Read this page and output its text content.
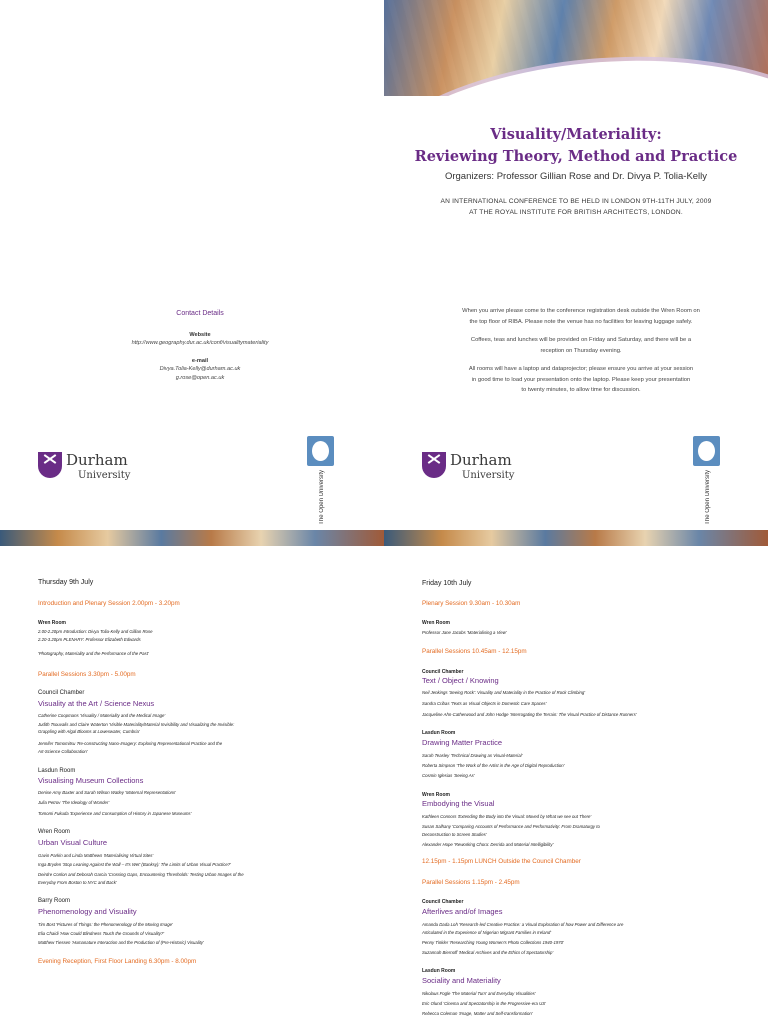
Visuality/Materiality:
Reviewing Theory, Method and Practice
Organizers: Professor Gillian Rose and Dr. Divya P. Tolia-Kelly
AN INTERNATIONAL CONFERENCE TO BE HELD IN LONDON 9TH-11TH JULY, 2009
AT THE ROYAL INSTITUTE FOR BRITISH ARCHITECTS, LONDON.

When you arrive please come to the conference registration desk outside the Wren Room on
the top floor of RIBA. Please note the venue has no facilities for leaving luggage safely.

Coffees, teas and lunches will be provided on Friday and Saturday, and there will be a
reception on Thursday evening.

All rooms will have a laptop and dataprojector; please ensure you arrive at your session
in good time to load your presentation onto the laptop. Please keep your presentation
to twenty minutes, to allow time for discussion.

Contact Details
Website
http://www.geography.dur.ac.uk/conf/visualitymateriality
e-mail
Divya.Tolia-Kelly@durham.ac.uk
g.rose@open.ac.uk
Durham
University	The Open University
Durham
University	The Open University
Thursday 9th July
Introduction and Plenary Session 2.00pm - 3.20pm
Wren Room
2.00-2.20pm Introduction: Divya Tolia-Kelly and Gillian Rose
2.20-3.20pm PLENARY: Professor Elizabeth Edwards
'Photography, Materiality and the Performance of the Past'
Parallel Sessions 3.30pm - 5.00pm
Council Chamber
Visuality at the Art / Science Nexus
Catherine Coopmans 'Visuality / Materiality and the Medical Image'
Judith Tsouvalis and Claire Waterton 'Visible Materiality/Material Invisibility and Visualizing the Invisible:
Grappling with Algal Blooms at Loweswater, Cumbria'
Jennifer Tomomitsu 'Re-constructing Nano-Imagery: Exploring Representational Practice and the
Art-Science Collaboration'
Lasdun Room
Visualising Museum Collections
Denise Amy Baxter and Sarah Wilson Watley 'Maternal Representations'
Julia Petrov 'The Ideology of Wonder'
Tomomi Fukuda 'Experience and Consumption of History in Japanese Museums'
Wren Room
Urban Visual Culture
Gavin Parkin and Linda Matthews 'Materialising Virtual Sites'
Inga Bryden 'Stop Leaning Against the Wall – It's Wet' (Banksy): The Limits of Urban Visual Practice?'
Deirdre Conlon and Deborah Garcia 'Crossing Gaps, Encountering Thresholds: Testing Urban Images of the
Everyday From Boston to NYC and Back'
Barry Room
Phenomenology and Visuality
Tim Bost 'Pictures of Things: the Phenomenology of the Moving Image'
Elia Chaidi 'How Could Blindness Touch the Grounds of Visuality?'
Matthew Tiessen 'Humanature Interaction and the Production of (Pre-Historic) Visuality'
Evening Reception, First Floor Landing 6.30pm - 8.00pm
Friday 10th July
Plenary Session 9.30am - 10.30am
Wren Room
Professor Jane Jacobs 'Materialising a View'
Parallel Sessions 10.45am - 12.15pm
Council Chamber
Text / Object / Knowing
Neil Jenkings 'Seeing Rock': Visuality and Materiality in the Practice of Rock Climbing'
Sandra Cribas 'Texts as Visual Objects in Domestic Care Spaces'
Jacqueline Ahn-Catherwood and John Hodge 'Interrogating the Terrain: The Visual Practice of Distance Runners'
Lasdun Room
Drawing Matter Practice
Sarah Teasley 'Technical Drawing as Visual-Material'
Roberta Simpson 'The Work of the Artist in the Age of Digital Reproduction'
Cosmin Iglesias 'Seeing As'
Wren Room
Embodying the Visual
Kathleen Connors 'Extending the Body into the Visual: Moved by What we see out There'
Susan Salhany 'Comparing Accounts of Performance and Performativity: From Dramaturgy to
Deconstruction to Screen Studies'
Alexander Hope 'Reworking Chora: Derrida and Material Intelligibility'
12.15pm - 1.15pm LUNCH Outside the Council Chamber
Parallel Sessions 1.15pm - 2.45pm
Council Chamber
Afterlives and/of Images
Amanda Dada Loh 'Research-led Creative Practice: a Visual Exploration of how Power and Difference are
Articulated in the Experience of Nigerian Migrant Families in Ireland'
Penny Tinkler 'Researching Young Women's Photo Collections 1940-1970'
Suzannah Biernoff 'Medical Archives and the Ethics of Spectatorship'
Lasdun Room
Sociality and Materiality
Nikolaus Fogle 'The Material Turn' and Everyday Visualities'
Eric Olund 'Cinema and Spectatorship in the Progressive-era US'
Rebecca Coleman 'Image, Matter and Self-transformation'
